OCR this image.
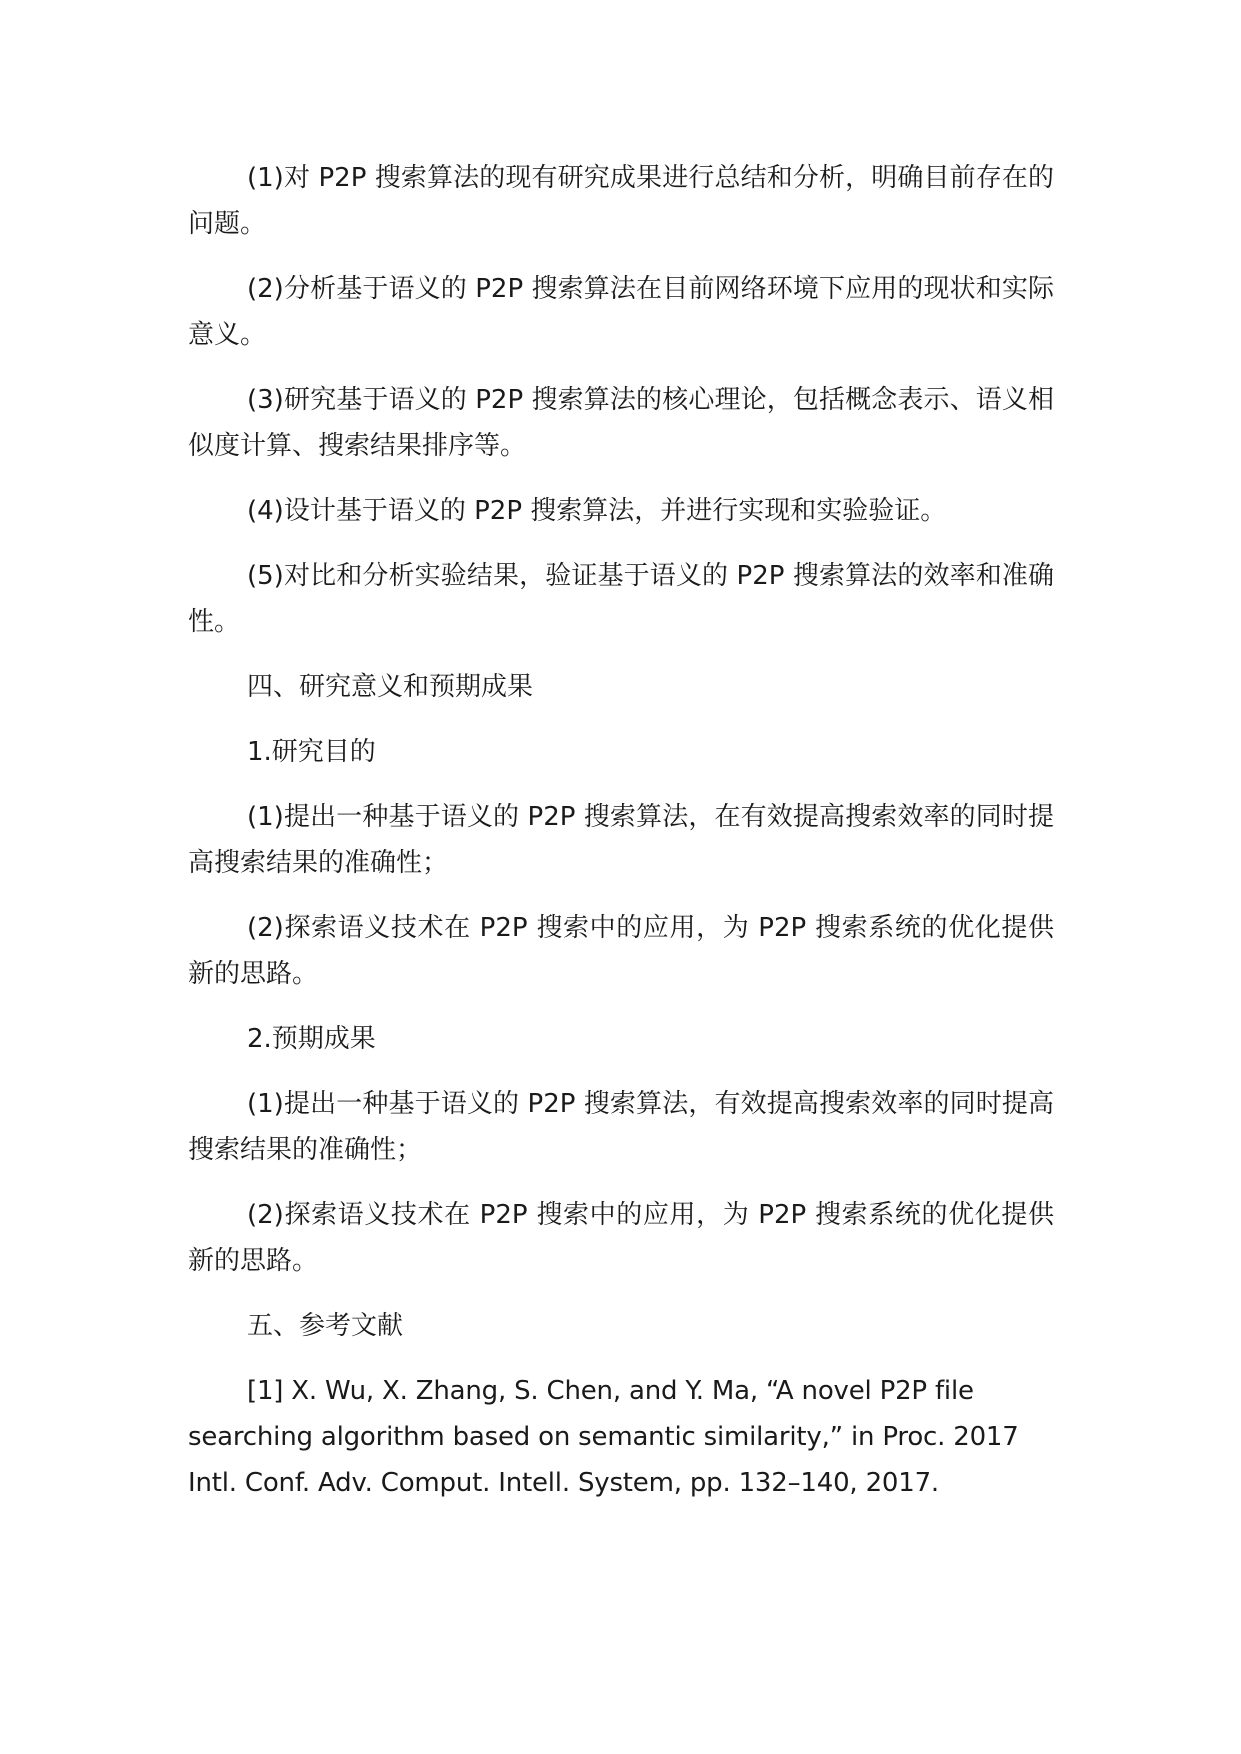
(1)对 P2P 搜索算法的现有研究成果进行总结和分析，明确目前存在的问题。

(2)分析基于语义的 P2P 搜索算法在目前网络环境下应用的现状和实际意义。

(3)研究基于语义的 P2P 搜索算法的核心理论，包括概念表示、语义相似度计算、搜索结果排序等。

(4)设计基于语义的 P2P 搜索算法，并进行实现和实验验证。

(5)对比和分析实验结果，验证基于语义的 P2P 搜索算法的效率和准确性。

四、研究意义和预期成果

1.研究目的

(1)提出一种基于语义的 P2P 搜索算法，在有效提高搜索效率的同时提高搜索结果的准确性；

(2)探索语义技术在 P2P 搜索中的应用，为 P2P 搜索系统的优化提供新的思路。

2.预期成果

(1)提出一种基于语义的 P2P 搜索算法，有效提高搜索效率的同时提高搜索结果的准确性；

(2)探索语义技术在 P2P 搜索中的应用，为 P2P 搜索系统的优化提供新的思路。

五、参考文献

[1] X. Wu, X. Zhang, S. Chen, and Y. Ma, “A novel P2P file searching algorithm based on semantic similarity,” in Proc. 2017 Intl. Conf. Adv. Comput. Intell. System, pp. 132–140, 2017.
